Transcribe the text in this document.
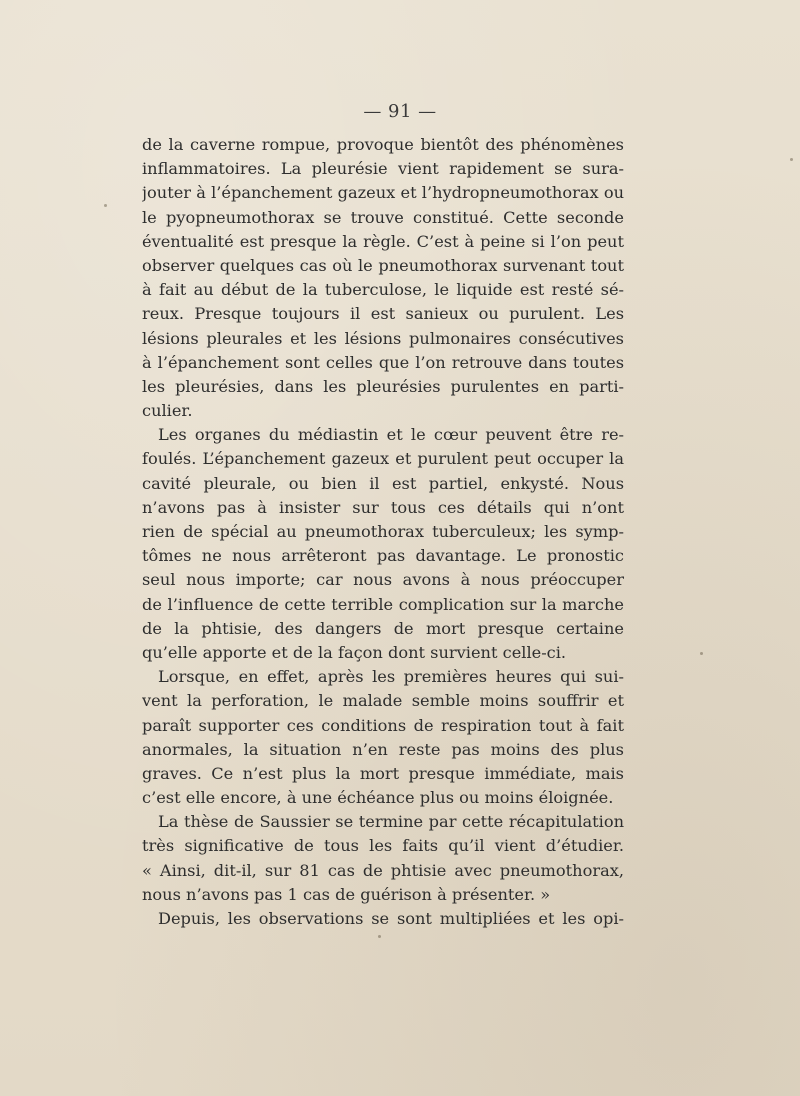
— 91 —
de la caverne rompue, provoque bientôt des phénomènes
inflammatoires. La pleurésie vient rapidement se sura-
jouter à l’épanchement gazeux et l’hydropneumothorax ou
le pyopneumothorax se trouve constitué. Cette seconde
éventualité est presque la règle. C’est à peine si l’on peut
observer quelques cas où le pneumothorax survenant tout
à fait au début de la tuberculose, le liquide est resté sé-
reux. Presque toujours il est sanieux ou purulent. Les
lésions pleurales et les lésions pulmonaires consécutives
à l’épanchement sont celles que l’on retrouve dans toutes
les pleurésies, dans les pleurésies purulentes en parti-
culier.
Les organes du médiastin et le cœur peuvent être re-
foulés. L’épanchement gazeux et purulent peut occuper la
cavité pleurale, ou bien il est partiel, enkysté. Nous
n’avons pas à insister sur tous ces détails qui n’ont
rien de spécial au pneumothorax tuberculeux; les symp-
tômes ne nous arrêteront pas davantage. Le pronostic
seul nous importe; car nous avons à nous préoccuper
de l’influence de cette terrible complication sur la marche
de la phtisie, des dangers de mort presque certaine
qu’elle apporte et de la façon dont survient celle-ci.
Lorsque, en effet, après les premières heures qui sui-
vent la perforation, le malade semble moins souffrir et
paraît supporter ces conditions de respiration tout à fait
anormales, la situation n’en reste pas moins des plus
graves. Ce n’est plus la mort presque immédiate, mais
c’est elle encore, à une échéance plus ou moins éloignée.
La thèse de Saussier se termine par cette récapitulation
très significative de tous les faits qu’il vient d’étudier.
« Ainsi, dit-il, sur 81 cas de phtisie avec pneumothorax,
nous n’avons pas 1 cas de guérison à présenter. »
Depuis, les observations se sont multipliées et les opi-
